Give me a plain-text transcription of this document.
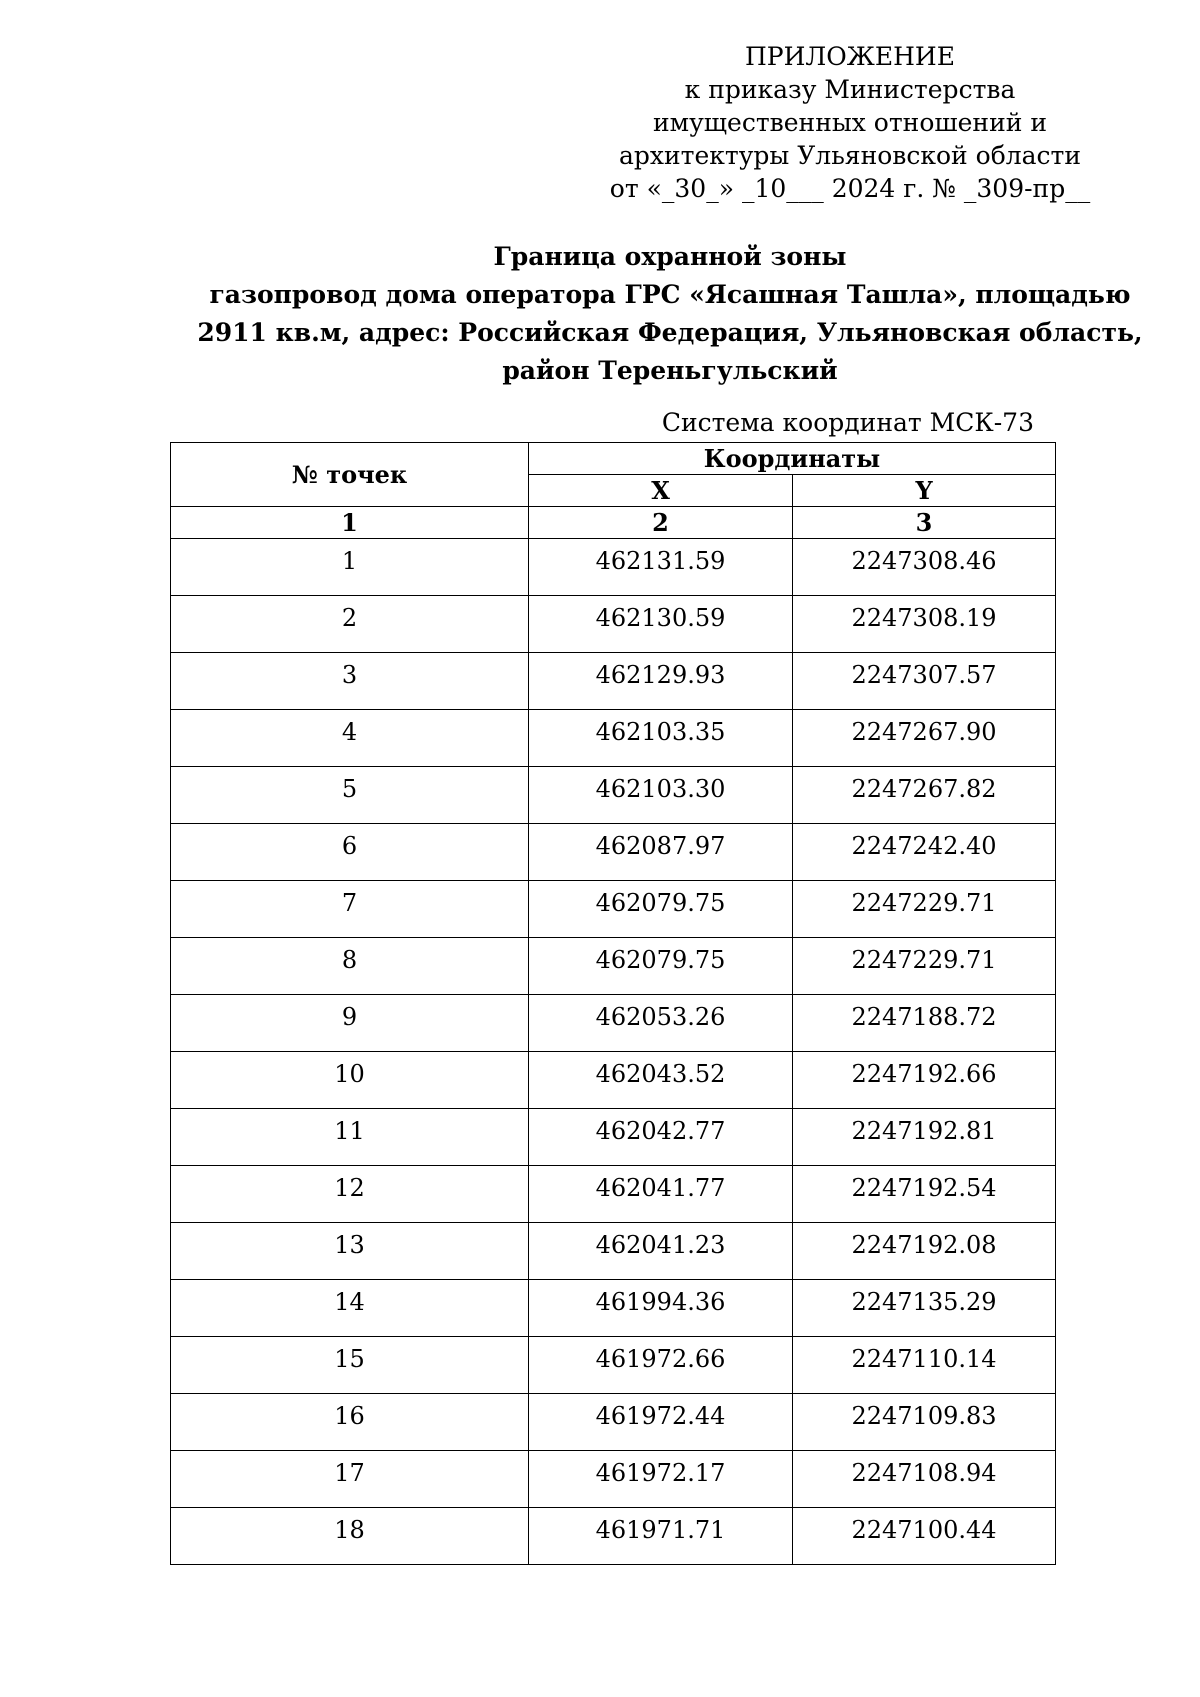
ПРИЛОЖЕНИЕ
к приказу Министерства
имущественных отношений и
архитектуры Ульяновской области
от «_30_» _10___ 2024 г. № _309-пр__
Граница охранной зоны
газопровод дома оператора ГРС «Ясашная Ташла», площадью
2911 кв.м, адрес: Российская Федерация, Ульяновская область,
район Тереньгульский
Система координат МСК-73
№ точек	Координаты	
	X	Y
1	2	3
1	462131.59	2247308.46
2	462130.59	2247308.19
3	462129.93	2247307.57
4	462103.35	2247267.90
5	462103.30	2247267.82
6	462087.97	2247242.40
7	462079.75	2247229.71
8	462079.75	2247229.71
9	462053.26	2247188.72
10	462043.52	2247192.66
11	462042.77	2247192.81
12	462041.77	2247192.54
13	462041.23	2247192.08
14	461994.36	2247135.29
15	461972.66	2247110.14
16	461972.44	2247109.83
17	461972.17	2247108.94
18	461971.71	2247100.44
